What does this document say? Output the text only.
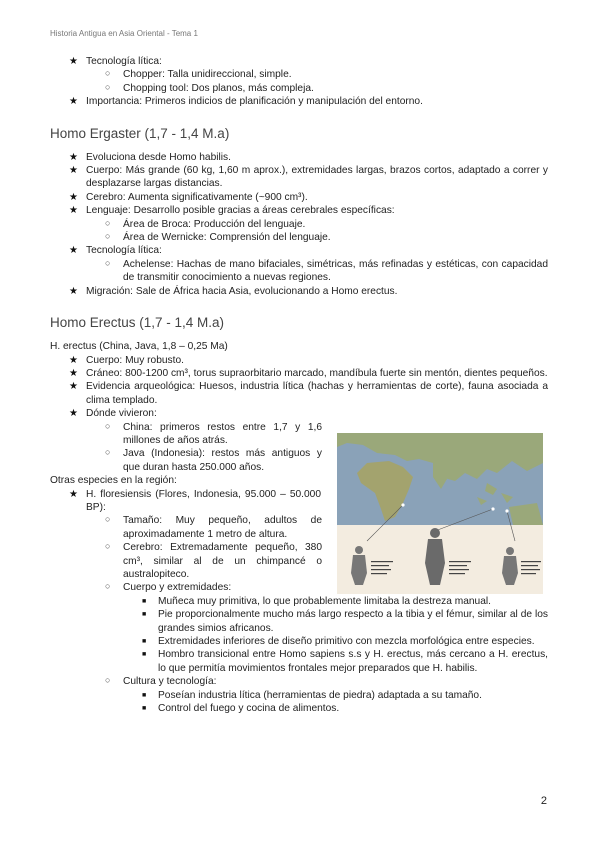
Historia Antigua en Asia Oriental - Tema 1
★ Tecnología lítica:
○ Chopper: Talla unidireccional, simple.
○ Chopping tool: Dos planos, más compleja.
★ Importancia: Primeros indicios de planificación y manipulación del entorno.
Homo Ergaster (1,7 - 1,4 M.a)
★ Evoluciona desde Homo habilis.
★ Cuerpo: Más grande (60 kg, 1,60 m aprox.), extremidades largas, brazos cortos, adaptado a correr y desplazarse largas distancias.
★ Cerebro: Aumenta significativamente (~900 cm³).
★ Lenguaje: Desarrollo posible gracias a áreas cerebrales específicas:
○ Área de Broca: Producción del lenguaje.
○ Área de Wernicke: Comprensión del lenguaje.
★ Tecnología lítica:
○ Achelense: Hachas de mano bifaciales, simétricas, más refinadas y estéticas, con capacidad de transmitir conocimiento a nuevas regiones.
★ Migración: Sale de África hacia Asia, evolucionando a Homo erectus.
Homo Erectus (1,7 - 1,4 M.a)
H. erectus (China, Java, 1,8 – 0,25 Ma)
★ Cuerpo: Muy robusto.
★ Cráneo: 800-1200 cm³, torus supraorbitario marcado, mandíbula fuerte sin mentón, dientes pequeños.
★ Evidencia arqueológica: Huesos, industria lítica (hachas y herramientas de corte), fauna asociada a clima templado.
★ Dónde vivieron:
○ China: primeros restos entre 1,7 y 1,6 millones de años atrás.
○ Java (Indonesia): restos más antiguos y que duran hasta 250.000 años.
Otras especies en la región:
★ H. floresiensis (Flores, Indonesia, 95.000 – 50.000 BP):
○ Tamaño: Muy pequeño, adultos de aproximadamente 1 metro de altura.
○ Cerebro: Extremadamente pequeño, 380 cm³, similar al de un chimpancé o australopiteco.
○ Cuerpo y extremidades:
■ Muñeca muy primitiva, lo que probablemente limitaba la destreza manual.
■ Pie proporcionalmente mucho más largo respecto a la tibia y el fémur, similar al de los grandes simios africanos.
■ Extremidades inferiores de diseño primitivo con mezcla morfológica entre especies.
■ Hombro transicional entre Homo sapiens s.s y H. erectus, más cercano a H. erectus, lo que permitía movimientos frontales mejor preparados que H. habilis.
○ Cultura y tecnología:
■ Poseían industria lítica (herramientas de piedra) adaptada a su tamaño.
■ Control del fuego y cocina de alimentos.
2
